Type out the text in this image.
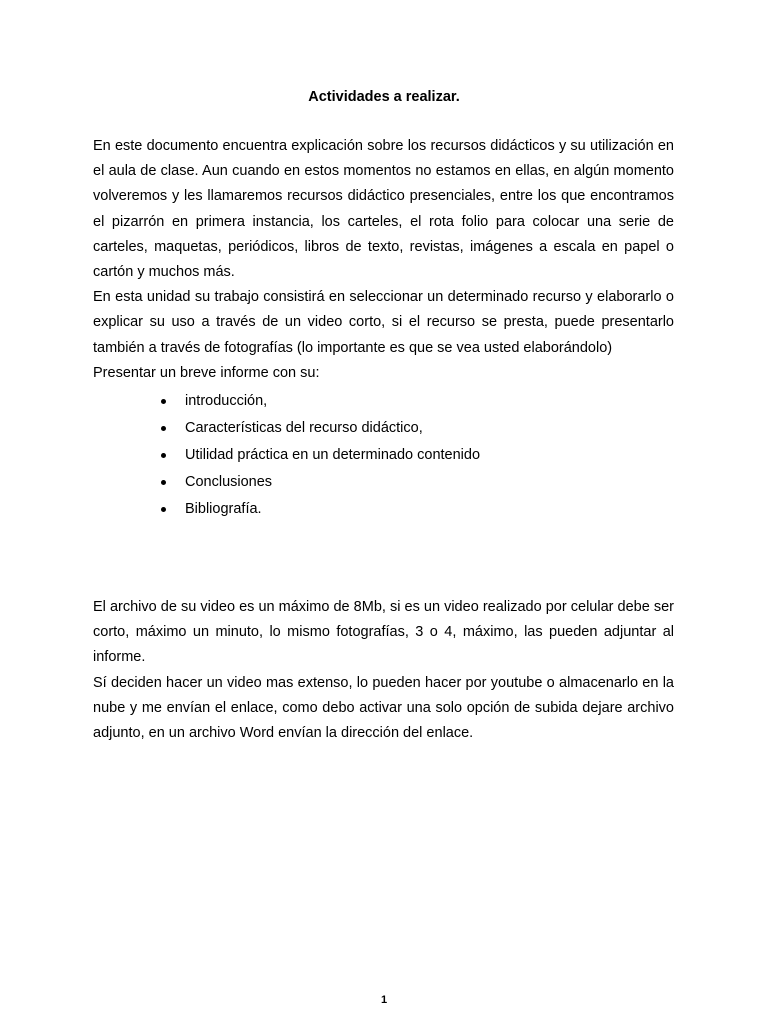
Actividades a realizar.

En este documento encuentra explicación sobre los recursos didácticos y su utilización en el aula de clase. Aun cuando en estos momentos no estamos en ellas, en algún momento volveremos y les llamaremos recursos didáctico presenciales, entre los que encontramos el pizarrón en primera instancia, los carteles, el rota folio para colocar una serie de carteles, maquetas, periódicos, libros de texto, revistas, imágenes a escala en papel o cartón y muchos más.

En esta unidad su trabajo consistirá en seleccionar un determinado recurso y elaborarlo o explicar su uso a través de un video corto, si el recurso se presta, puede presentarlo también a través de fotografías (lo importante es que se vea usted elaborándolo)

Presentar un breve informe con su:

introducción,
Características del recurso didáctico,
Utilidad práctica en un determinado contenido
Conclusiones
Bibliografía.

El archivo de su video es un máximo de 8Mb, si es un video realizado por celular debe ser corto, máximo un minuto, lo mismo fotografías, 3 o 4, máximo, las pueden adjuntar al informe.

Sí deciden hacer un video mas extenso, lo pueden hacer por youtube o almacenarlo en la nube y me envían el enlace, como debo activar una solo opción de subida dejare archivo adjunto, en un archivo Word envían la dirección del enlace.

1
